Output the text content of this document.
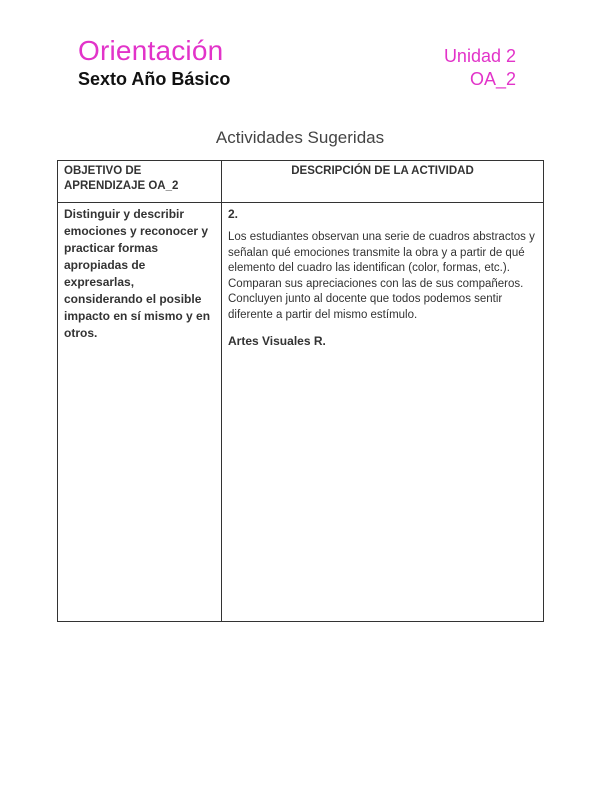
Orientación
Sexto Año Básico
Unidad 2
OA_2
Actividades Sugeridas
OBJETIVO DE APRENDIZAJE OA_2	DESCRIPCIÓN DE LA ACTIVIDAD
Distinguir y describir emociones y reconocer y practicar formas apropiadas de expresarlas, considerando el posible impacto en sí mismo y en otros.	2.

Los estudiantes observan una serie de cuadros abstractos y señalan qué emociones transmite la obra y a partir de qué elemento del cuadro las identifican (color, formas, etc.). Comparan sus apreciaciones con las de sus compañeros. Concluyen junto al docente que todos podemos sentir diferente a partir del mismo estímulo.

Artes Visuales R.
